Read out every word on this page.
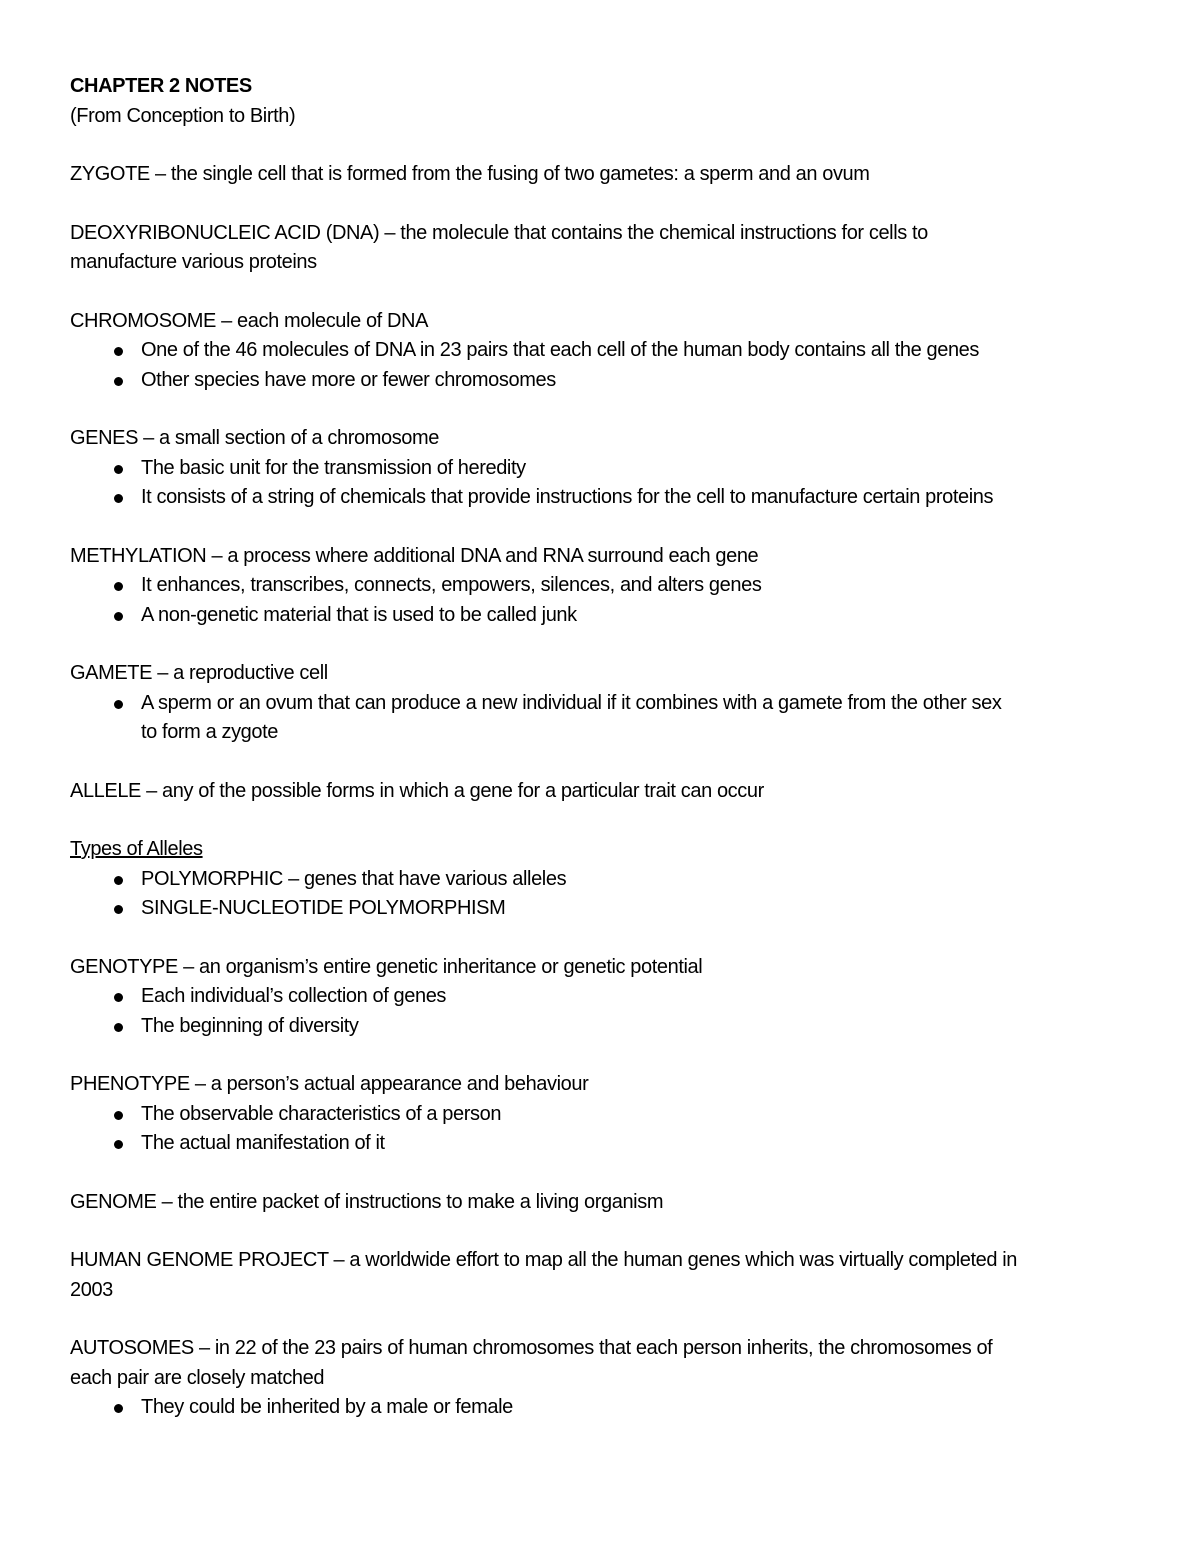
CHAPTER 2 NOTES
(From Conception to Birth)
ZYGOTE – the single cell that is formed from the fusing of two gametes: a sperm and an ovum
DEOXYRIBONUCLEIC ACID (DNA) – the molecule that contains the chemical instructions for cells to
manufacture various proteins
CHROMOSOME – each molecule of DNA
One of the 46 molecules of DNA in 23 pairs that each cell of the human body contains all the genes
Other species have more or fewer chromosomes
GENES – a small section of a chromosome
The basic unit for the transmission of heredity
It consists of a string of chemicals that provide instructions for the cell to manufacture certain proteins
METHYLATION – a process where additional DNA and RNA surround each gene
It enhances, transcribes, connects, empowers, silences, and alters genes
A non-genetic material that is used to be called junk
GAMETE – a reproductive cell
A sperm or an ovum that can produce a new individual if it combines with a gamete from the other sex
to form a zygote
ALLELE – any of the possible forms in which a gene for a particular trait can occur
Types of Alleles
POLYMORPHIC – genes that have various alleles
SINGLE-NUCLEOTIDE POLYMORPHISM
GENOTYPE – an organism’s entire genetic inheritance or genetic potential
Each individual’s collection of genes
The beginning of diversity
PHENOTYPE – a person’s actual appearance and behaviour
The observable characteristics of a person
The actual manifestation of it
GENOME – the entire packet of instructions to make a living organism
HUMAN GENOME PROJECT – a worldwide effort to map all the human genes which was virtually completed in
2003
AUTOSOMES – in 22 of the 23 pairs of human chromosomes that each person inherits, the chromosomes of
each pair are closely matched
They could be inherited by a male or female
